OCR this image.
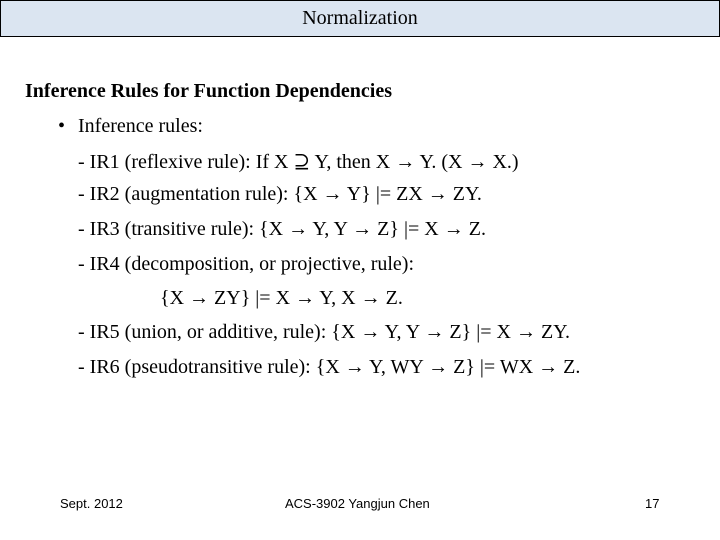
Normalization
Inference Rules for Function Dependencies
• Inference rules:
- IR1 (reflexive rule): If X ⊇ Y, then X → Y. (X → X.)
- IR2 (augmentation rule): {X → Y} |= ZX → ZY.
- IR3 (transitive rule): {X → Y, Y → Z} |= X → Z.
- IR4 (decomposition, or projective, rule):
{X → ZY} |= X → Y, X → Z.
- IR5 (union, or additive, rule): {X → Y, Y → Z} |= X → ZY.
- IR6 (pseudotransitive rule): {X → Y, WY → Z} |= WX → Z.
Sept. 2012	ACS-3902 Yangjun Chen	17
